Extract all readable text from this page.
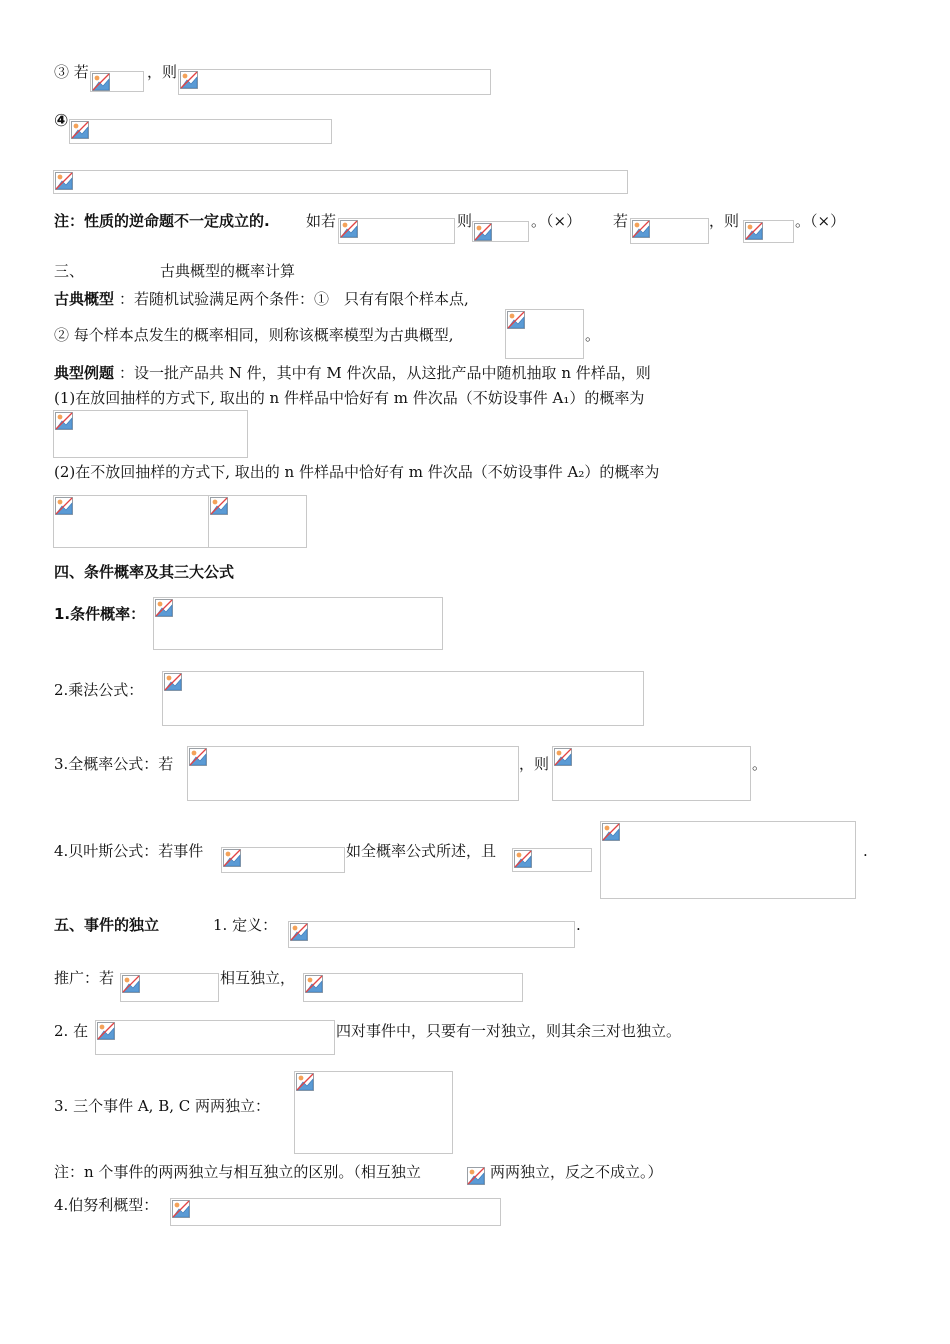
③ 若	，则
④
注：性质的逆命题不一定成立的. 如若	则	。（×） 若	，则	。（×）
三、	古典概型的概率计算
古典概型 ：若随机试验满足两个条件：①　只有有限个样本点,
② 每个样本点发生的概率相同，则称该概率模型为古典概型,	。
典型例题 ：设一批产品共 N 件，其中有 M 件次品，从这批产品中随机抽取 n 件样品，则
(1)在放回抽样的方式下, 取出的 n 件样品中恰好有 m 件次品（不妨设事件 A₁）的概率为
(2)在不放回抽样的方式下, 取出的 n 件样品中恰好有 m 件次品（不妨设事件 A₂）的概率为
四、条件概率及其三大公式
1.条件概率：
2.乘法公式：
3.全概率公式：若	，则	。
4.贝叶斯公式：若事件	如全概率公式所述，且	.
五、事件的独立	1. 定义：	.
推广：若	相互独立，
2. 在	四对事件中，只要有一对独立，则其余三对也独立。
3. 三个事件 A, B, C 两两独立：
注：n 个事件的两两独立与相互独立的区别。（相互独立	两两独立，反之不成立。）
4.伯努利概型：
